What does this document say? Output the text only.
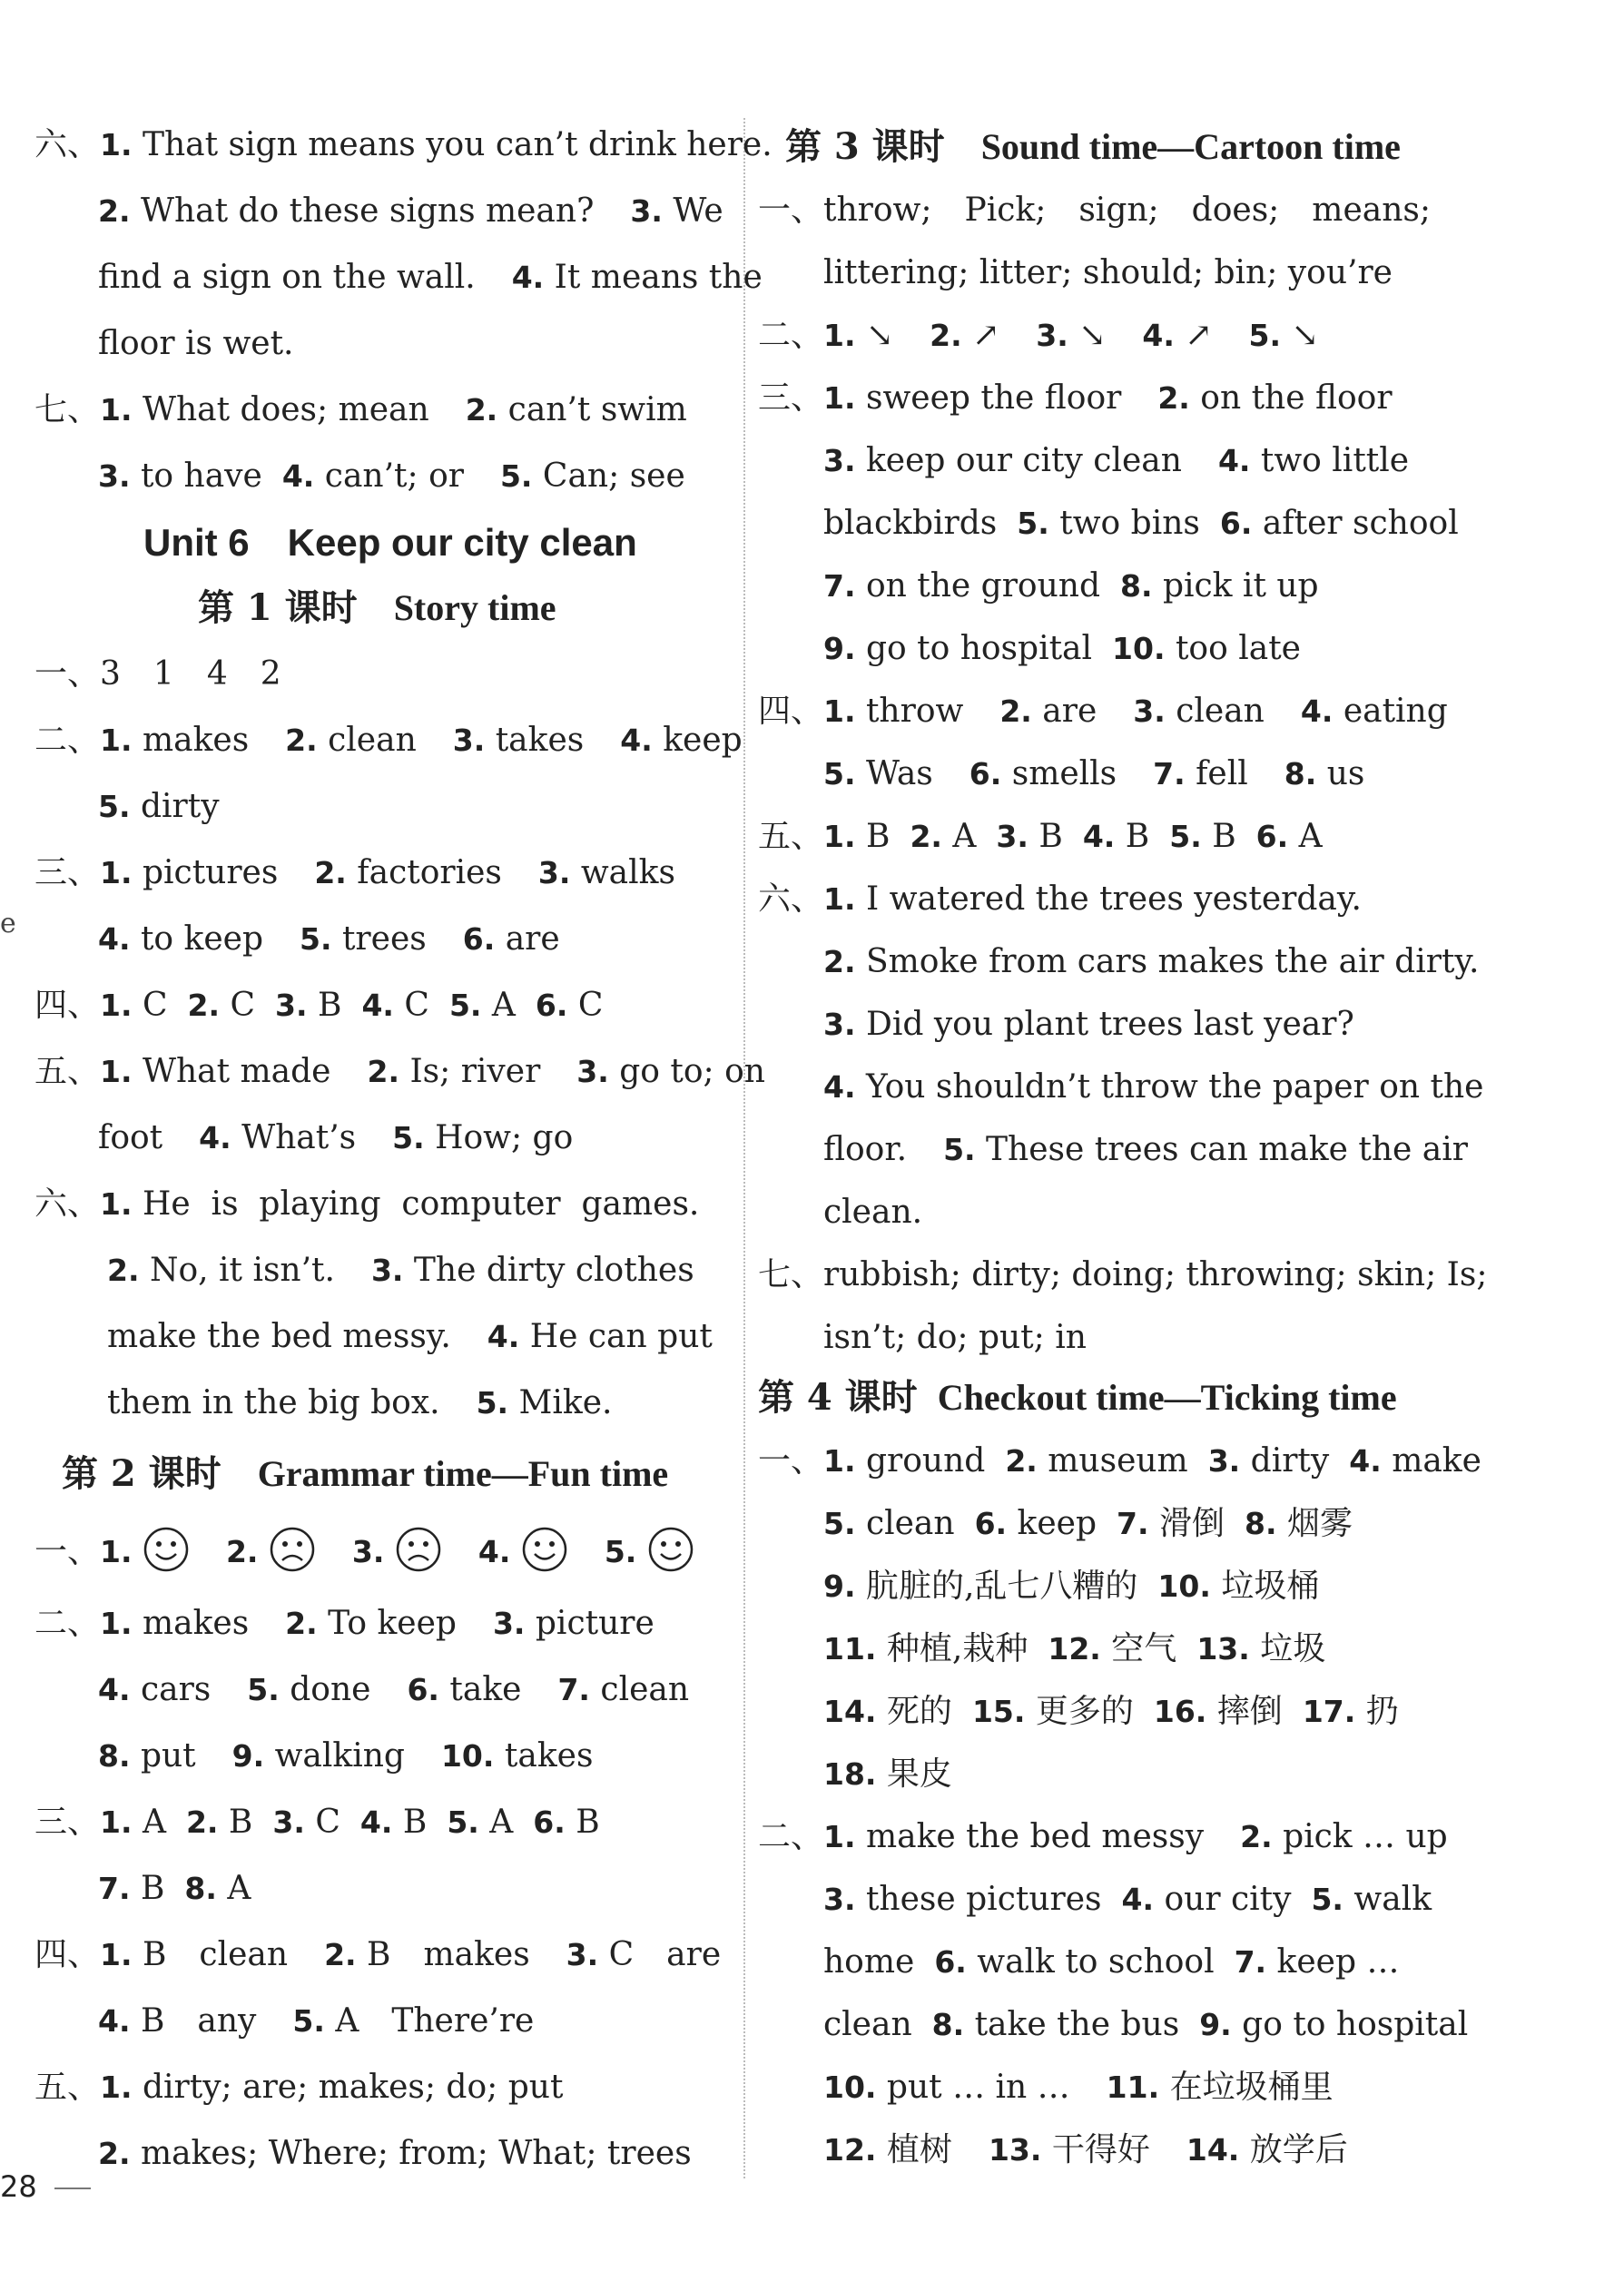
e
六、1. That sign means you can’t drink here.
2. What do these signs mean? 3. We
find a sign on the wall. 4. It means the
floor is wet.
七、1. What does; mean 2. can’t swim
3. to have 4. can’t; or 5. Can; see
Unit 6　Keep our city clean
第 1 课时 Story time
一、3　1　4　2
二、1. makes 2. clean 3. takes 4. keep
5. dirty
三、1. pictures 2. factories 3. walks
4. to keep 5. trees 6. are
四、1. C 2. C 3. B 4. C 5. A 6. C
五、1. What made 2. Is; river 3. go to; on
foot 4. What’s 5. How; go
六、1. He  is  playing  computer  games.
2. No, it isn’t. 3. The dirty clothes
make the bed messy. 4. He can put
them in the big box. 5. Mike.
第 2 课时 Grammar time—Fun time
一、1.	2.	3.	4.	5.
二、1. makes 2. To keep 3. picture
4. cars 5. done 6. take 7. clean
8. put 9. walking 10. takes
三、1. A 2. B 3. C 4. B 5. A 6. B
7. B 8. A
四、1. B　clean 2. B　makes 3. C　are
4. B　any 5. A　There’re
五、1. dirty; are; makes; do; put
2. makes; Where; from; What; trees
第 3 课时 Sound time—Cartoon time
一、throw;　Pick;　sign;　does;　means;
littering; litter; should; bin; you’re
二、1. ↘ 2. ↗ 3. ↘ 4. ↗ 5. ↘
三、1. sweep the floor 2. on the floor
3. keep our city clean 4. two little
blackbirds 5. two bins 6. after school
7. on the ground 8. pick it up
9. go to hospital 10. too late
四、1. throw 2. are 3. clean 4. eating
5. Was 6. smells 7. fell 8. us
五、1. B 2. A 3. B 4. B 5. B 6. A
六、1. I watered the trees yesterday.
2. Smoke from cars makes the air dirty.
3. Did you plant trees last year?
4. You shouldn’t throw the paper on the
floor. 5. These trees can make the air
clean.
七、rubbish; dirty; doing; throwing; skin; Is;
isn’t; do; put; in
第 4 课时 Checkout time—Ticking time
一、1. ground 2. museum 3. dirty 4. make
5. clean 6. keep 7. 滑倒 8. 烟雾
9. 肮脏的,乱七八糟的 10. 垃圾桶
11. 种植,栽种 12. 空气 13. 垃圾
14. 死的 15. 更多的 16. 摔倒 17. 扔
18. 果皮
二、1. make the bed messy 2. pick … up
3. these pictures 4. our city 5. walk
home 6. walk to school 7. keep …
clean 8. take the bus 9. go to hospital
10. put … in … 11. 在垃圾桶里
12. 植树 13. 干得好 14. 放学后
28
